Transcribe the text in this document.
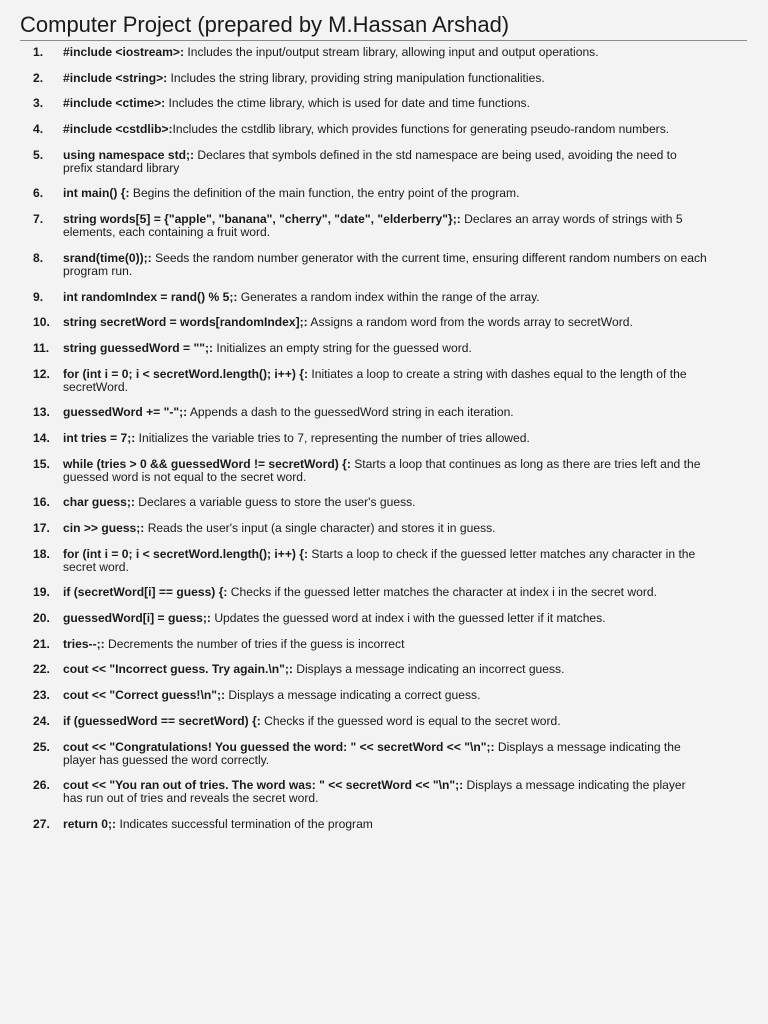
Computer Project (prepared by M.Hassan Arshad)
1.	#include <iostream>: Includes the input/output stream library, allowing input and output operations.
2.	#include <string>: Includes the string library, providing string manipulation functionalities.
3.	#include <ctime>: Includes the ctime library, which is used for date and time functions.
4.	#include <cstdlib>:Includes the cstdlib library, which provides functions for generating pseudo-random numbers.
5.	using namespace std;: Declares that symbols defined in the std namespace are being used, avoiding the need to prefix standard library
6.	int main() {: Begins the definition of the main function, the entry point of the program.
7.	string words[5] = {"apple", "banana", "cherry", "date", "elderberry"};: Declares an array words of strings with 5 elements, each containing a fruit word.
8.	srand(time(0));: Seeds the random number generator with the current time, ensuring different random numbers on each program run.
9.	int randomIndex = rand() % 5;: Generates a random index within the range of the array.
10.	string secretWord = words[randomIndex];: Assigns a random word from the words array to secretWord.
11.	string guessedWord = "";: Initializes an empty string for the guessed word.
12.	for (int i = 0; i < secretWord.length(); i++) {: Initiates a loop to create a string with dashes equal to the length of the secretWord.
13.	guessedWord += "-";: Appends a dash to the guessedWord string in each iteration.
14.	int tries = 7;: Initializes the variable tries to 7, representing the number of tries allowed.
15.	while (tries > 0 && guessedWord != secretWord) {: Starts a loop that continues as long as there are tries left and the guessed word is not equal to the secret word.
16.	char guess;: Declares a variable guess to store the user's guess.
17.	cin >> guess;: Reads the user's input (a single character) and stores it in guess.
18.	for (int i = 0; i < secretWord.length(); i++) {: Starts a loop to check if the guessed letter matches any character in the secret word.
19.	if (secretWord[i] == guess) {: Checks if the guessed letter matches the character at index i in the secret word.
20.	guessedWord[i] = guess;: Updates the guessed word at index i with the guessed letter if it matches.
21.	tries--;: Decrements the number of tries if the guess is incorrect
22.	cout << "Incorrect guess. Try again.\n";: Displays a message indicating an incorrect guess.
23.	cout << "Correct guess!\n";: Displays a message indicating a correct guess.
24.	if (guessedWord == secretWord) {: Checks if the guessed word is equal to the secret word.
25.	cout << "Congratulations! You guessed the word: " << secretWord << "\n";: Displays a message indicating the player has guessed the word correctly.
26.	cout << "You ran out of tries. The word was: " << secretWord << "\n";: Displays a message indicating the player has run out of tries and reveals the secret word.
27.	return 0;: Indicates successful termination of the program
